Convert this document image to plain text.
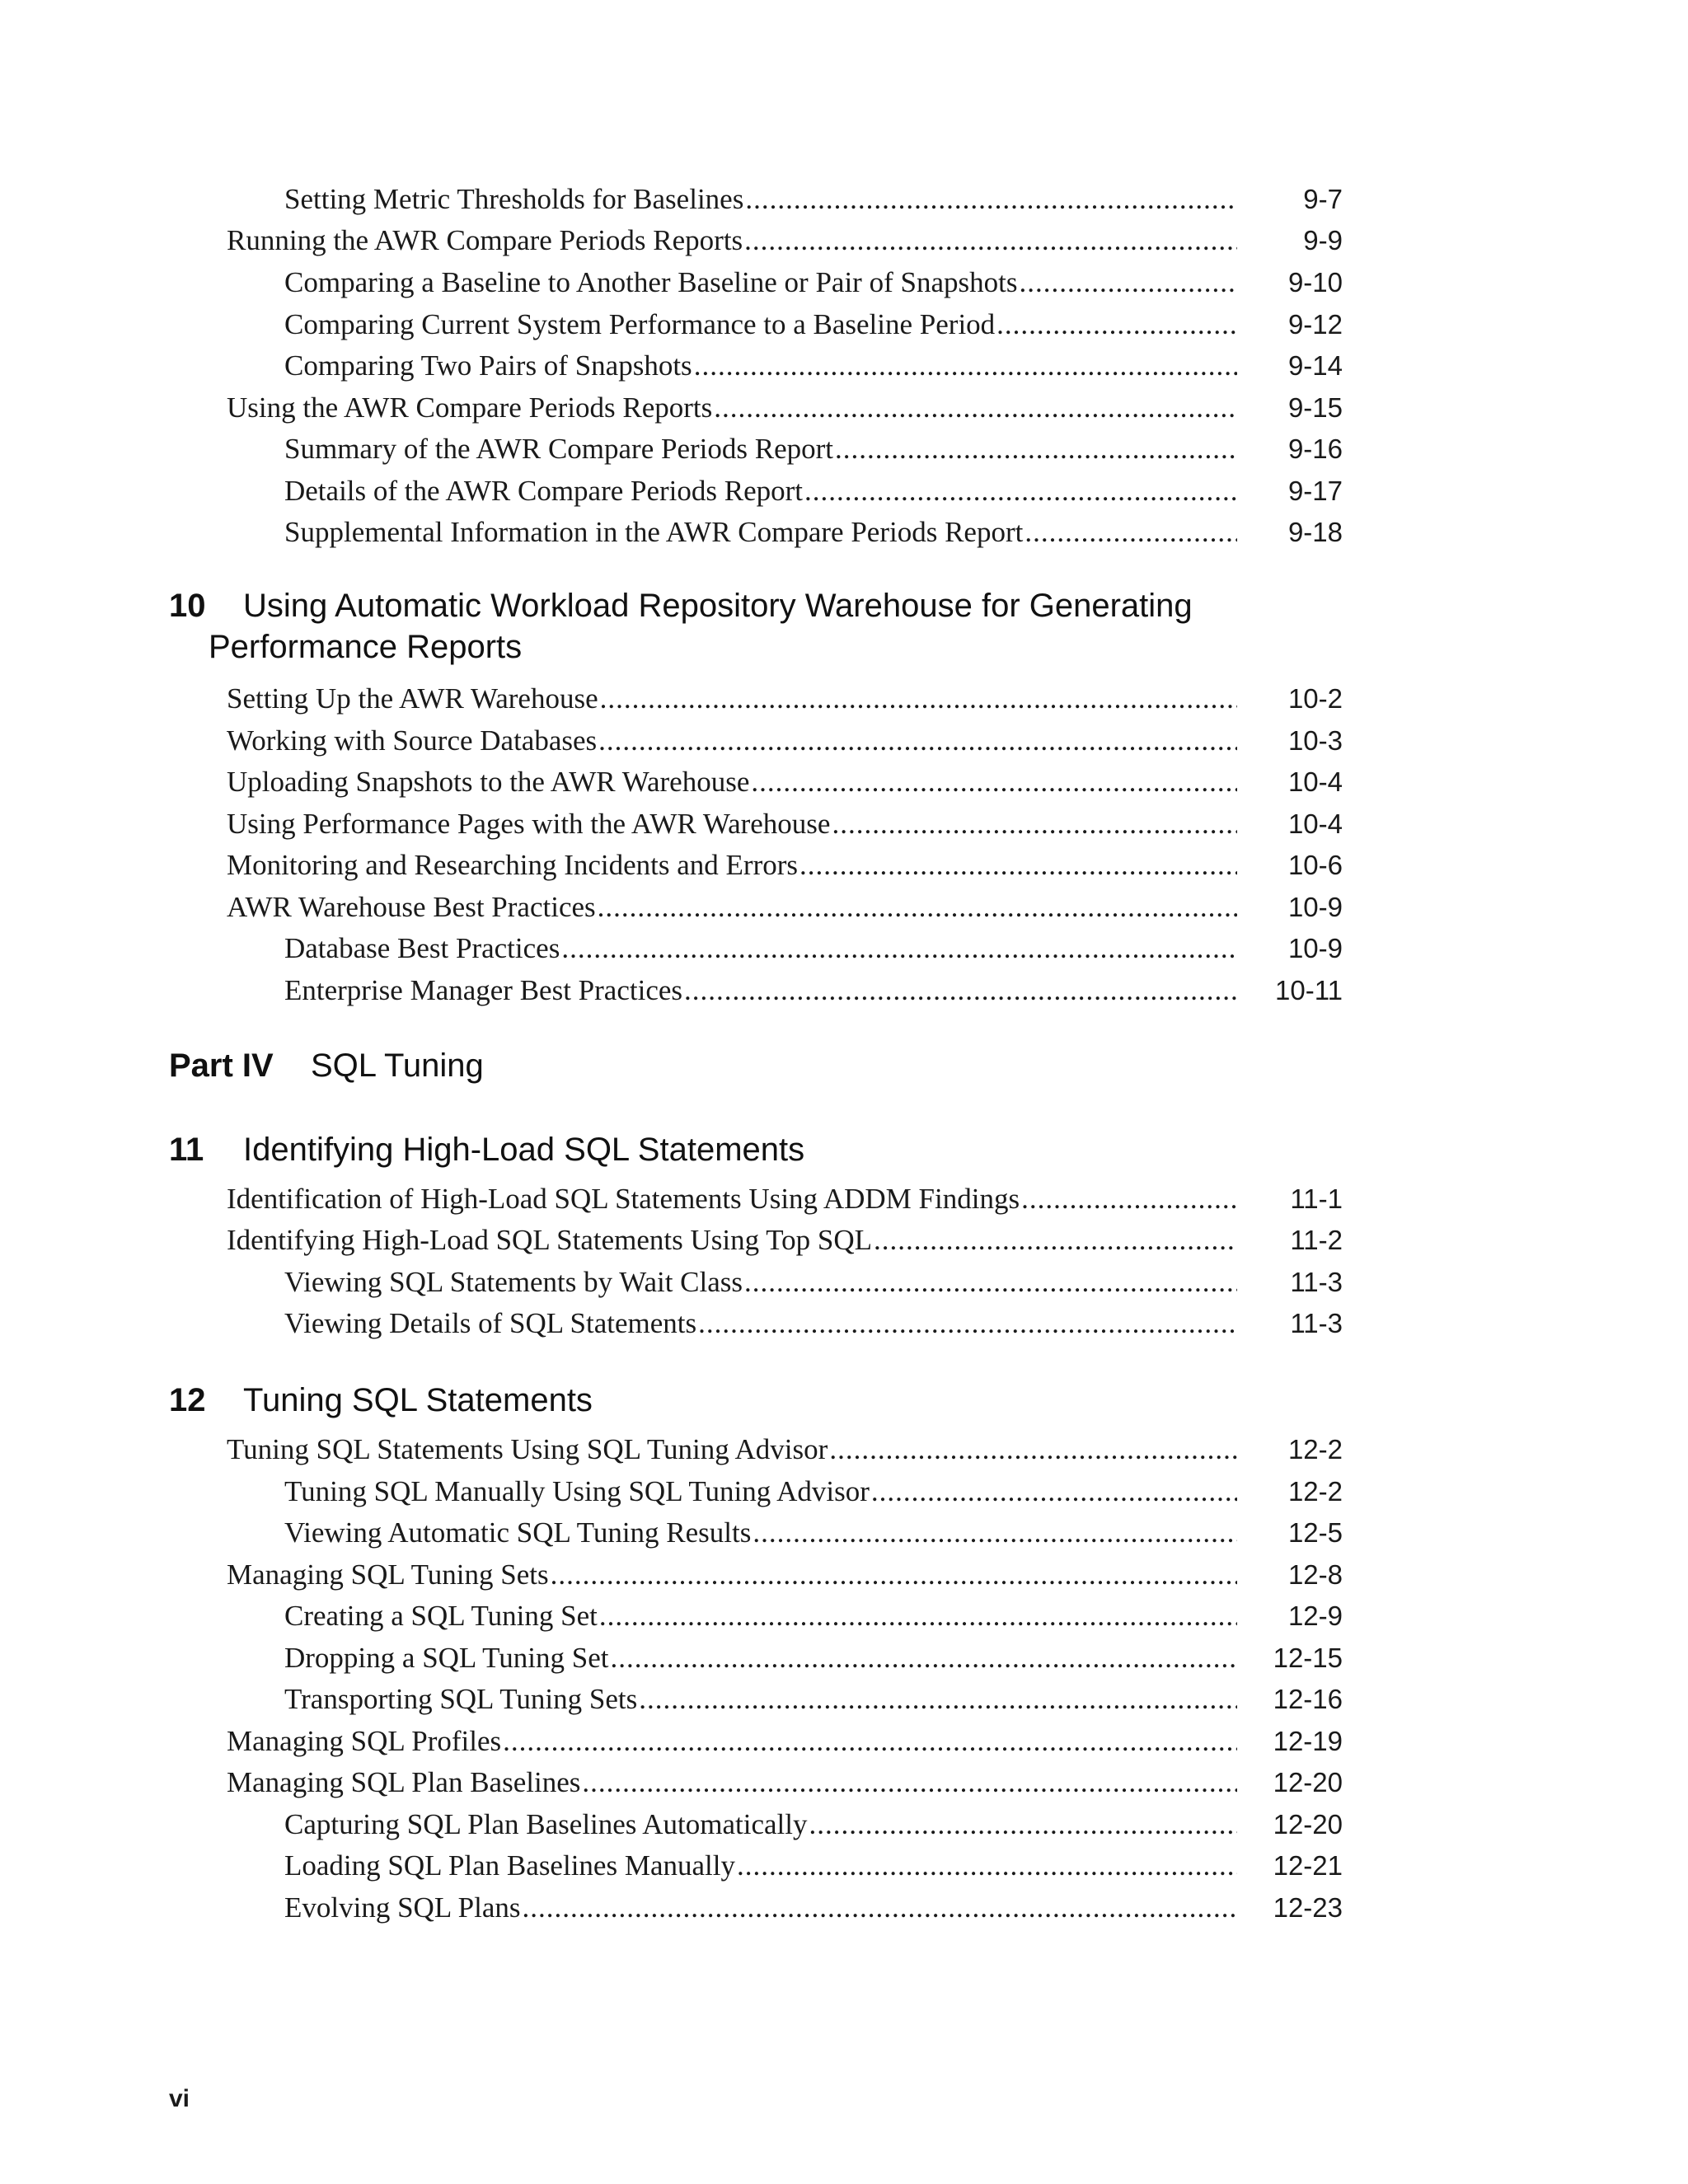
Setting Metric Thresholds for Baselines .....	9-7
Running the AWR Compare Periods Reports .....	9-9
Comparing a Baseline to Another Baseline or Pair of Snapshots .....	9-10
Comparing Current System Performance to a Baseline Period .....	9-12
Comparing Two Pairs of Snapshots .....	9-14
Using the AWR Compare Periods Reports .....	9-15
Summary of the AWR Compare Periods Report .....	9-16
Details of the AWR Compare Periods Report .....	9-17
Supplemental Information in the AWR Compare Periods Report .....	9-18
10 Using Automatic Workload Repository Warehouse for Generating
Performance Reports
Setting Up the AWR Warehouse .....	10-2
Working with Source Databases .....	10-3
Uploading Snapshots to the AWR Warehouse .....	10-4
Using Performance Pages with the AWR Warehouse .....	10-4
Monitoring and Researching Incidents and Errors .....	10-6
AWR Warehouse Best Practices .....	10-9
Database Best Practices .....	10-9
Enterprise Manager Best Practices .....	10-11
Part IV SQL Tuning
11 Identifying High-Load SQL Statements
Identification of High-Load SQL Statements Using ADDM Findings .....	11-1
Identifying High-Load SQL Statements Using Top SQL .....	11-2
Viewing SQL Statements by Wait Class .....	11-3
Viewing Details of SQL Statements .....	11-3
12 Tuning SQL Statements
Tuning SQL Statements Using SQL Tuning Advisor .....	12-2
Tuning SQL Manually Using SQL Tuning Advisor .....	12-2
Viewing Automatic SQL Tuning Results .....	12-5
Managing SQL Tuning Sets .....	12-8
Creating a SQL Tuning Set .....	12-9
Dropping a SQL Tuning Set .....	12-15
Transporting SQL Tuning Sets .....	12-16
Managing SQL Profiles .....	12-19
Managing SQL Plan Baselines .....	12-20
Capturing SQL Plan Baselines Automatically .....	12-20
Loading SQL Plan Baselines Manually .....	12-21
Evolving SQL Plans .....	12-23
vi
